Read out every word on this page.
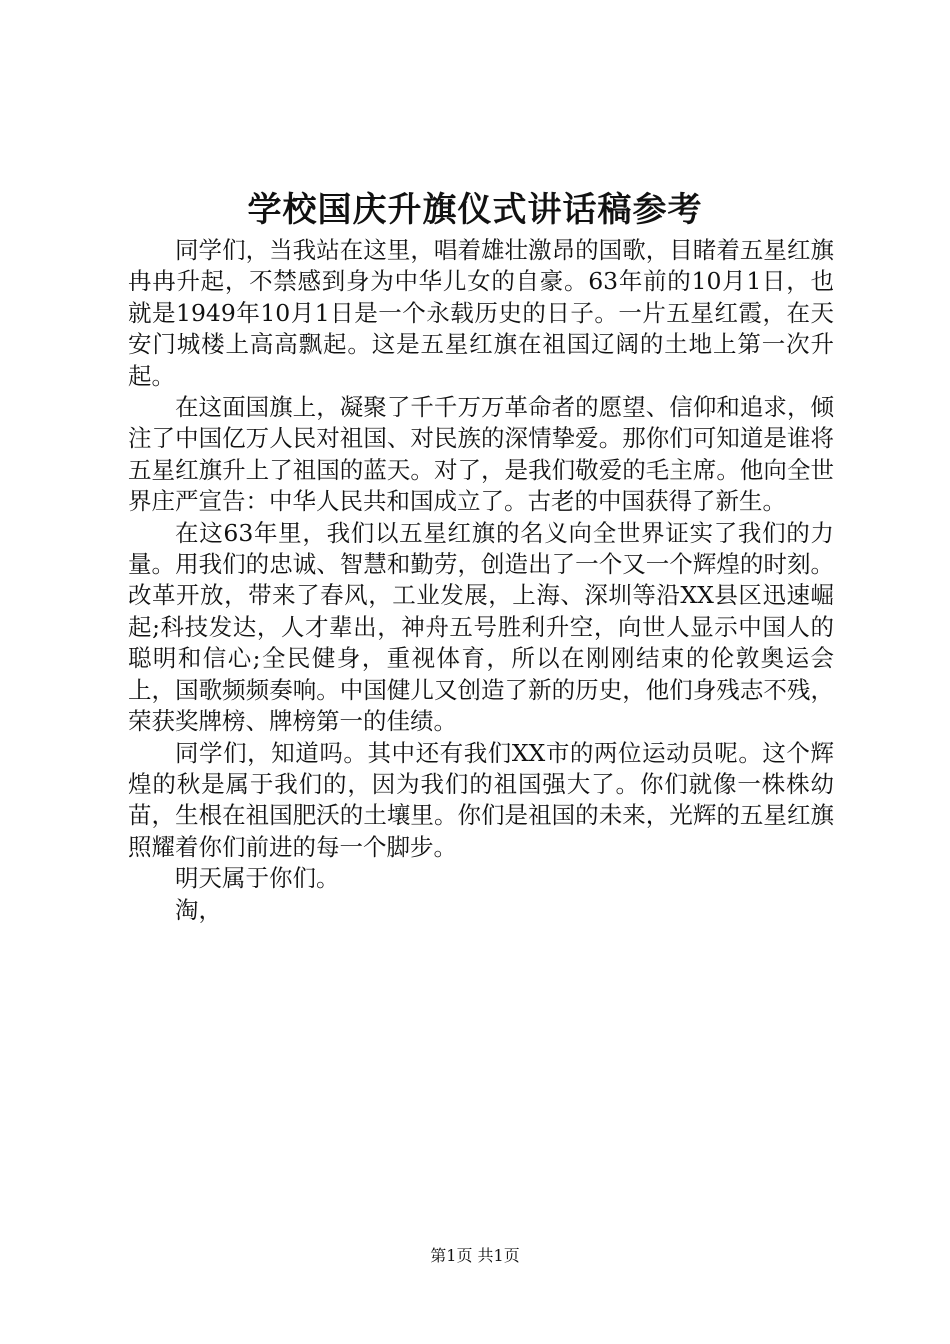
学校国庆升旗仪式讲话稿参考

同学们，当我站在这里，唱着雄壮激昂的国歌，目睹着五星红旗冉冉升起，不禁感到身为中华儿女的自豪。63年前的10月1日，也就是1949年10月1日是一个永载历史的日子。一片五星红霞，在天安门城楼上高高飘起。这是五星红旗在祖国辽阔的土地上第一次升起。

在这面国旗上，凝聚了千千万万革命者的愿望、信仰和追求，倾注了中国亿万人民对祖国、对民族的深情挚爱。那你们可知道是谁将五星红旗升上了祖国的蓝天。对了，是我们敬爱的毛主席。他向全世界庄严宣告：中华人民共和国成立了。古老的中国获得了新生。

在这63年里，我们以五星红旗的名义向全世界证实了我们的力量。用我们的忠诚、智慧和勤劳，创造出了一个又一个辉煌的时刻。改革开放，带来了春风，工业发展，上海、深圳等沿XX县区迅速崛起;科技发达，人才辈出，神舟五号胜利升空，向世人显示中国人的聪明和信心;全民健身，重视体育，所以在刚刚结束的伦敦奥运会上，国歌频频奏响。中国健儿又创造了新的历史，他们身残志不残，荣获奖牌榜、牌榜第一的佳绩。

同学们，知道吗。其中还有我们XX市的两位运动员呢。这个辉煌的秋是属于我们的，因为我们的祖国强大了。你们就像一株株幼苗，生根在祖国肥沃的土壤里。你们是祖国的未来，光辉的五星红旗照耀着你们前进的每一个脚步。

明天属于你们。

淘，

第1页 共1页
